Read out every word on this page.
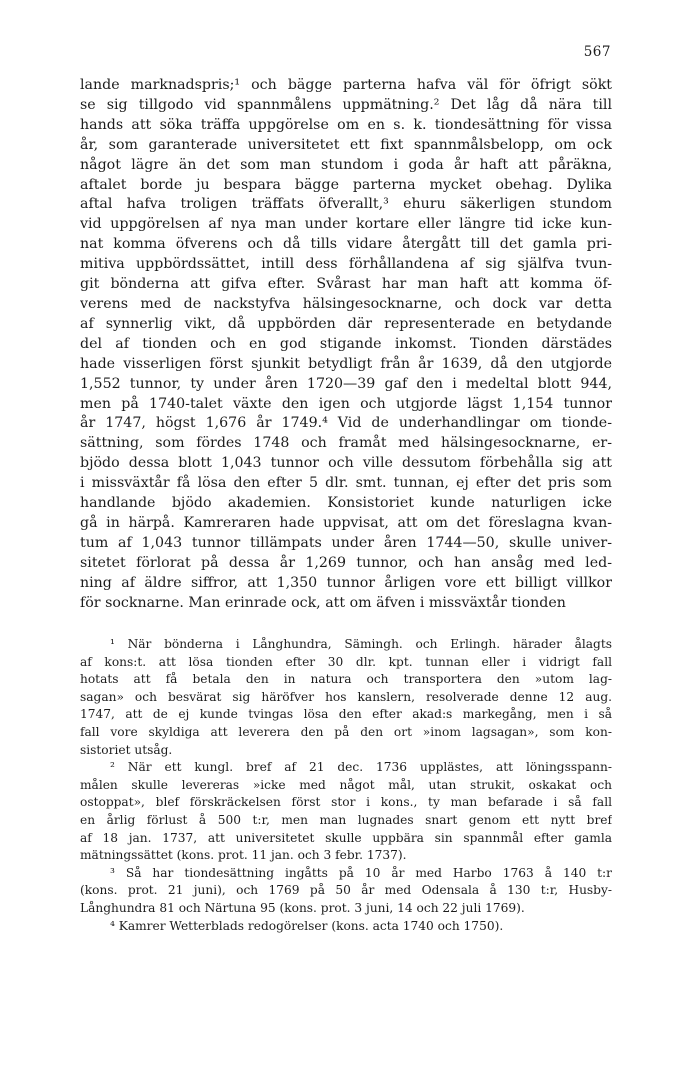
567
lande marknadspris;¹ och bägge parterna hafva väl för öfrigt sökt
se sig tillgodo vid spannmålens uppmätning.² Det låg då nära till
hands att söka träffa uppgörelse om en s. k. tiondesättning för vissa
år, som garanterade universitetet ett fixt spannmålsbelopp, om ock
något lägre än det som man stundom i goda år haft att påräkna,
aftalet borde ju bespara bägge parterna mycket obehag. Dylika
aftal hafva troligen träffats öfverallt,³ ehuru säkerligen stundom
vid uppgörelsen af nya man under kortare eller längre tid icke kun-
nat komma öfverens och då tills vidare återgått till det gamla pri-
mitiva uppbördssättet, intill dess förhållandena af sig själfva tvun-
git bönderna att gifva efter. Svårast har man haft att komma öf-
verens med de nackstyfva hälsingesocknarne, och dock var detta
af synnerlig vikt, då uppbörden där representerade en betydande
del af tionden och en god stigande inkomst. Tionden därstädes
hade visserligen först sjunkit betydligt från år 1639, då den utgjorde
1,552 tunnor, ty under åren 1720—39 gaf den i medeltal blott 944,
men på 1740-talet växte den igen och utgjorde lägst 1,154 tunnor
år 1747, högst 1,676 år 1749.⁴ Vid de underhandlingar om tionde-
sättning, som fördes 1748 och framåt med hälsingesocknarne, er-
bjödo dessa blott 1,043 tunnor och ville dessutom förbehålla sig att
i missväxtår få lösa den efter 5 dlr. smt. tunnan, ej efter det pris som
handlande bjödo akademien. Konsistoriet kunde naturligen icke
gå in härpå. Kamreraren hade uppvisat, att om det föreslagna kvan-
tum af 1,043 tunnor tillämpats under åren 1744—50, skulle univer-
sitetet förlorat på dessa år 1,269 tunnor, och han ansåg med led-
ning af äldre siffror, att 1,350 tunnor årligen vore ett billigt villkor
för socknarne. Man erinrade ock, att om äfven i missväxtår tionden
¹ När bönderna i Långhundra, Sämingh. och Erlingh. härader ålagts
af kons:t. att lösa tionden efter 30 dlr. kpt. tunnan eller i vidrigt fall
hotats att få betala den in natura och transportera den »utom lag-
sagan» och besvärat sig häröfver hos kanslern, resolverade denne 12 aug.
1747, att de ej kunde tvingas lösa den efter akad:s markegång, men i så
fall vore skyldiga att leverera den på den ort »inom lagsagan», som kon-
sistoriet utsåg.
² När ett kungl. bref af 21 dec. 1736 upplästes, att löningsspann-
målen skulle levereras »icke med något mål, utan strukit, oskakat och
ostoppat», blef förskräckelsen först stor i kons., ty man befarade i så fall
en årlig förlust å 500 t:r, men man lugnades snart genom ett nytt bref
af 18 jan. 1737, att universitetet skulle uppbära sin spannmål efter gamla
mätningssättet (kons. prot. 11 jan. och 3 febr. 1737).
³ Så har tiondesättning ingåtts på 10 år med Harbo 1763 å 140 t:r
(kons. prot. 21 juni), och 1769 på 50 år med Odensala å 130 t:r, Husby-
Långhundra 81 och Närtuna 95 (kons. prot. 3 juni, 14 och 22 juli 1769).
⁴ Kamrer Wetterblads redogörelser (kons. acta 1740 och 1750).
